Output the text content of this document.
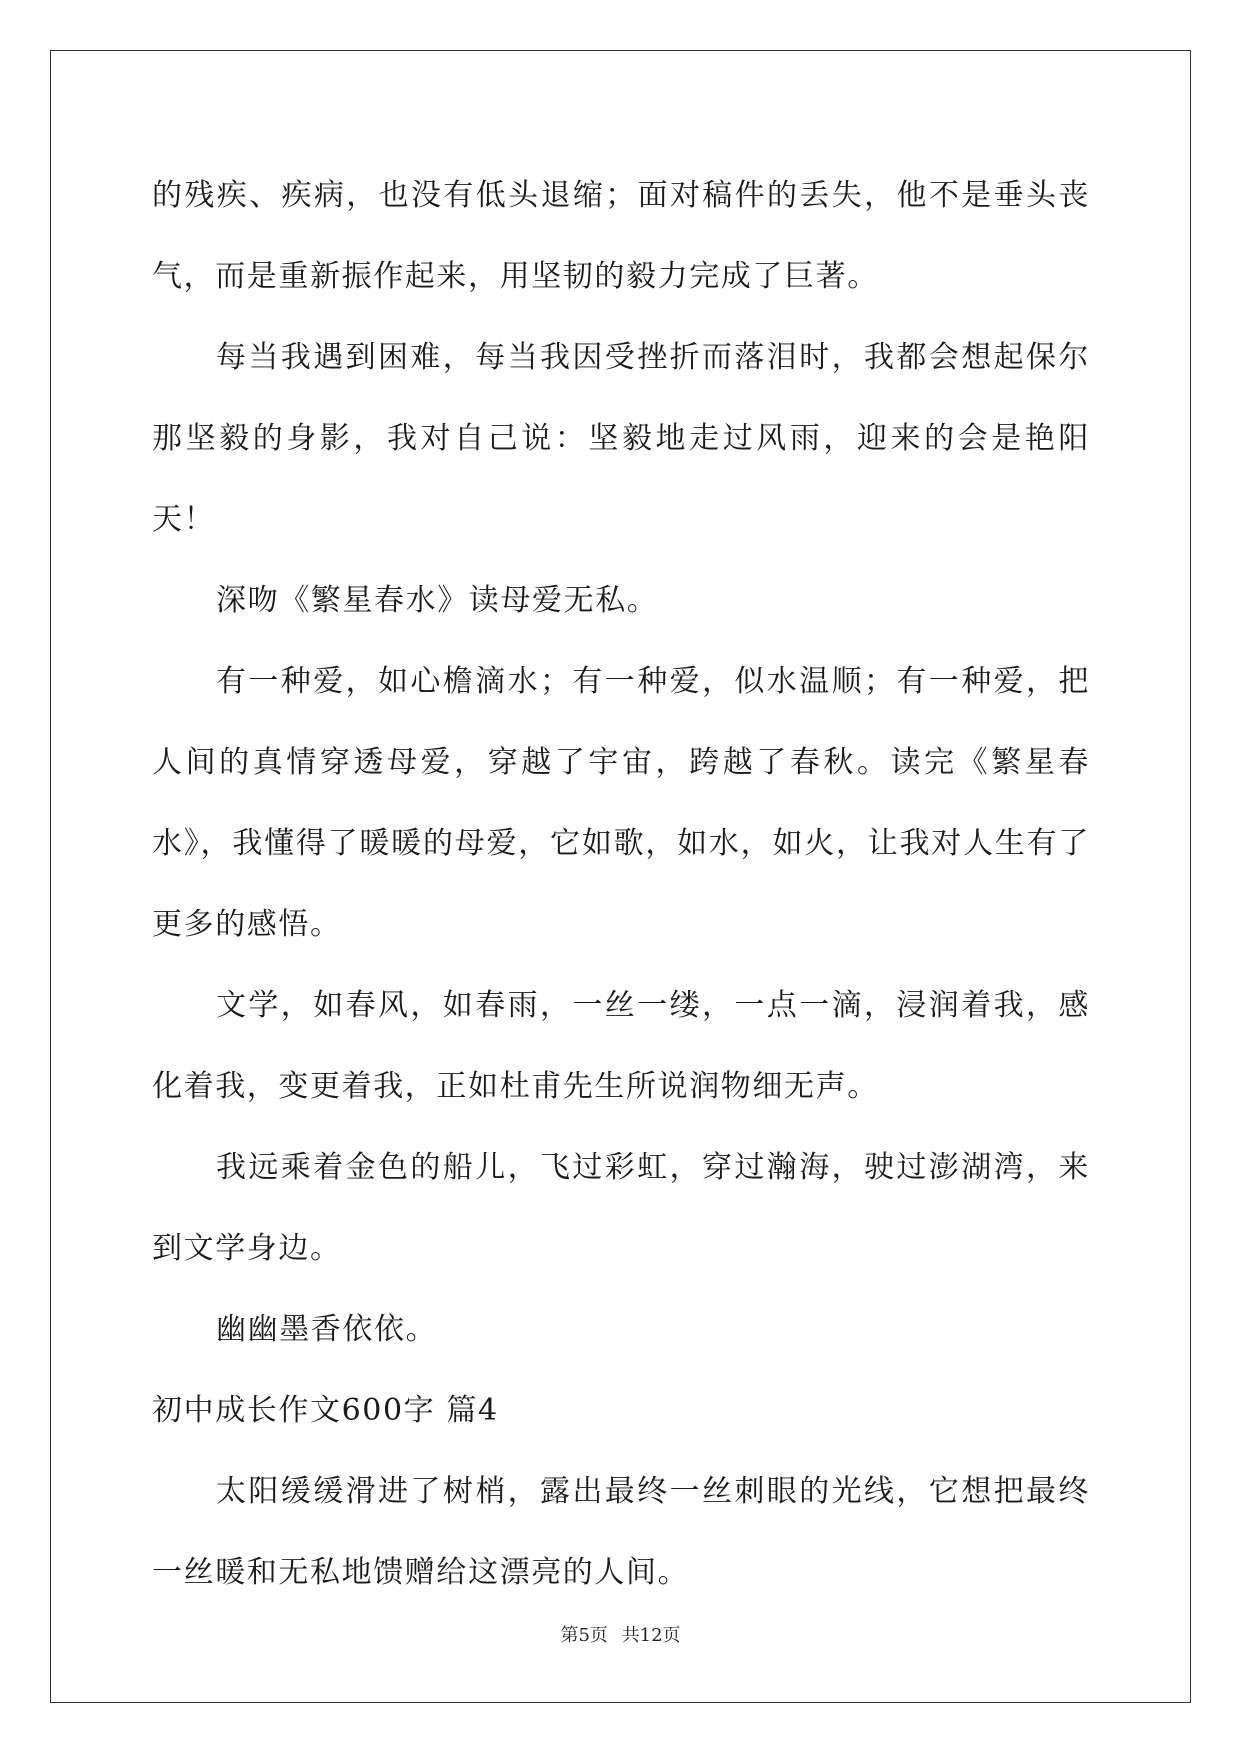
的残疾、疾病，也没有低头退缩；面对稿件的丢失，他不是垂头丧气，而是重新振作起来，用坚韧的毅力完成了巨著。

每当我遇到困难，每当我因受挫折而落泪时，我都会想起保尔那坚毅的身影，我对自己说：坚毅地走过风雨，迎来的会是艳阳天！

深吻《繁星春水》读母爱无私。

有一种爱，如心檐滴水；有一种爱，似水温顺；有一种爱，把人间的真情穿透母爱，穿越了宇宙，跨越了春秋。读完《繁星春水》，我懂得了暖暖的母爱，它如歌，如水，如火，让我对人生有了更多的感悟。

文学，如春风，如春雨，一丝一缕，一点一滴，浸润着我，感化着我，变更着我，正如杜甫先生所说润物细无声。

我远乘着金色的船儿，飞过彩虹，穿过瀚海，驶过澎湖湾，来到文学身边。

幽幽墨香依依。

初中成长作文600字 篇4

太阳缓缓滑进了树梢，露出最终一丝刺眼的光线，它想把最终一丝暖和无私地馈赠给这漂亮的人间。

第5页 共12页
